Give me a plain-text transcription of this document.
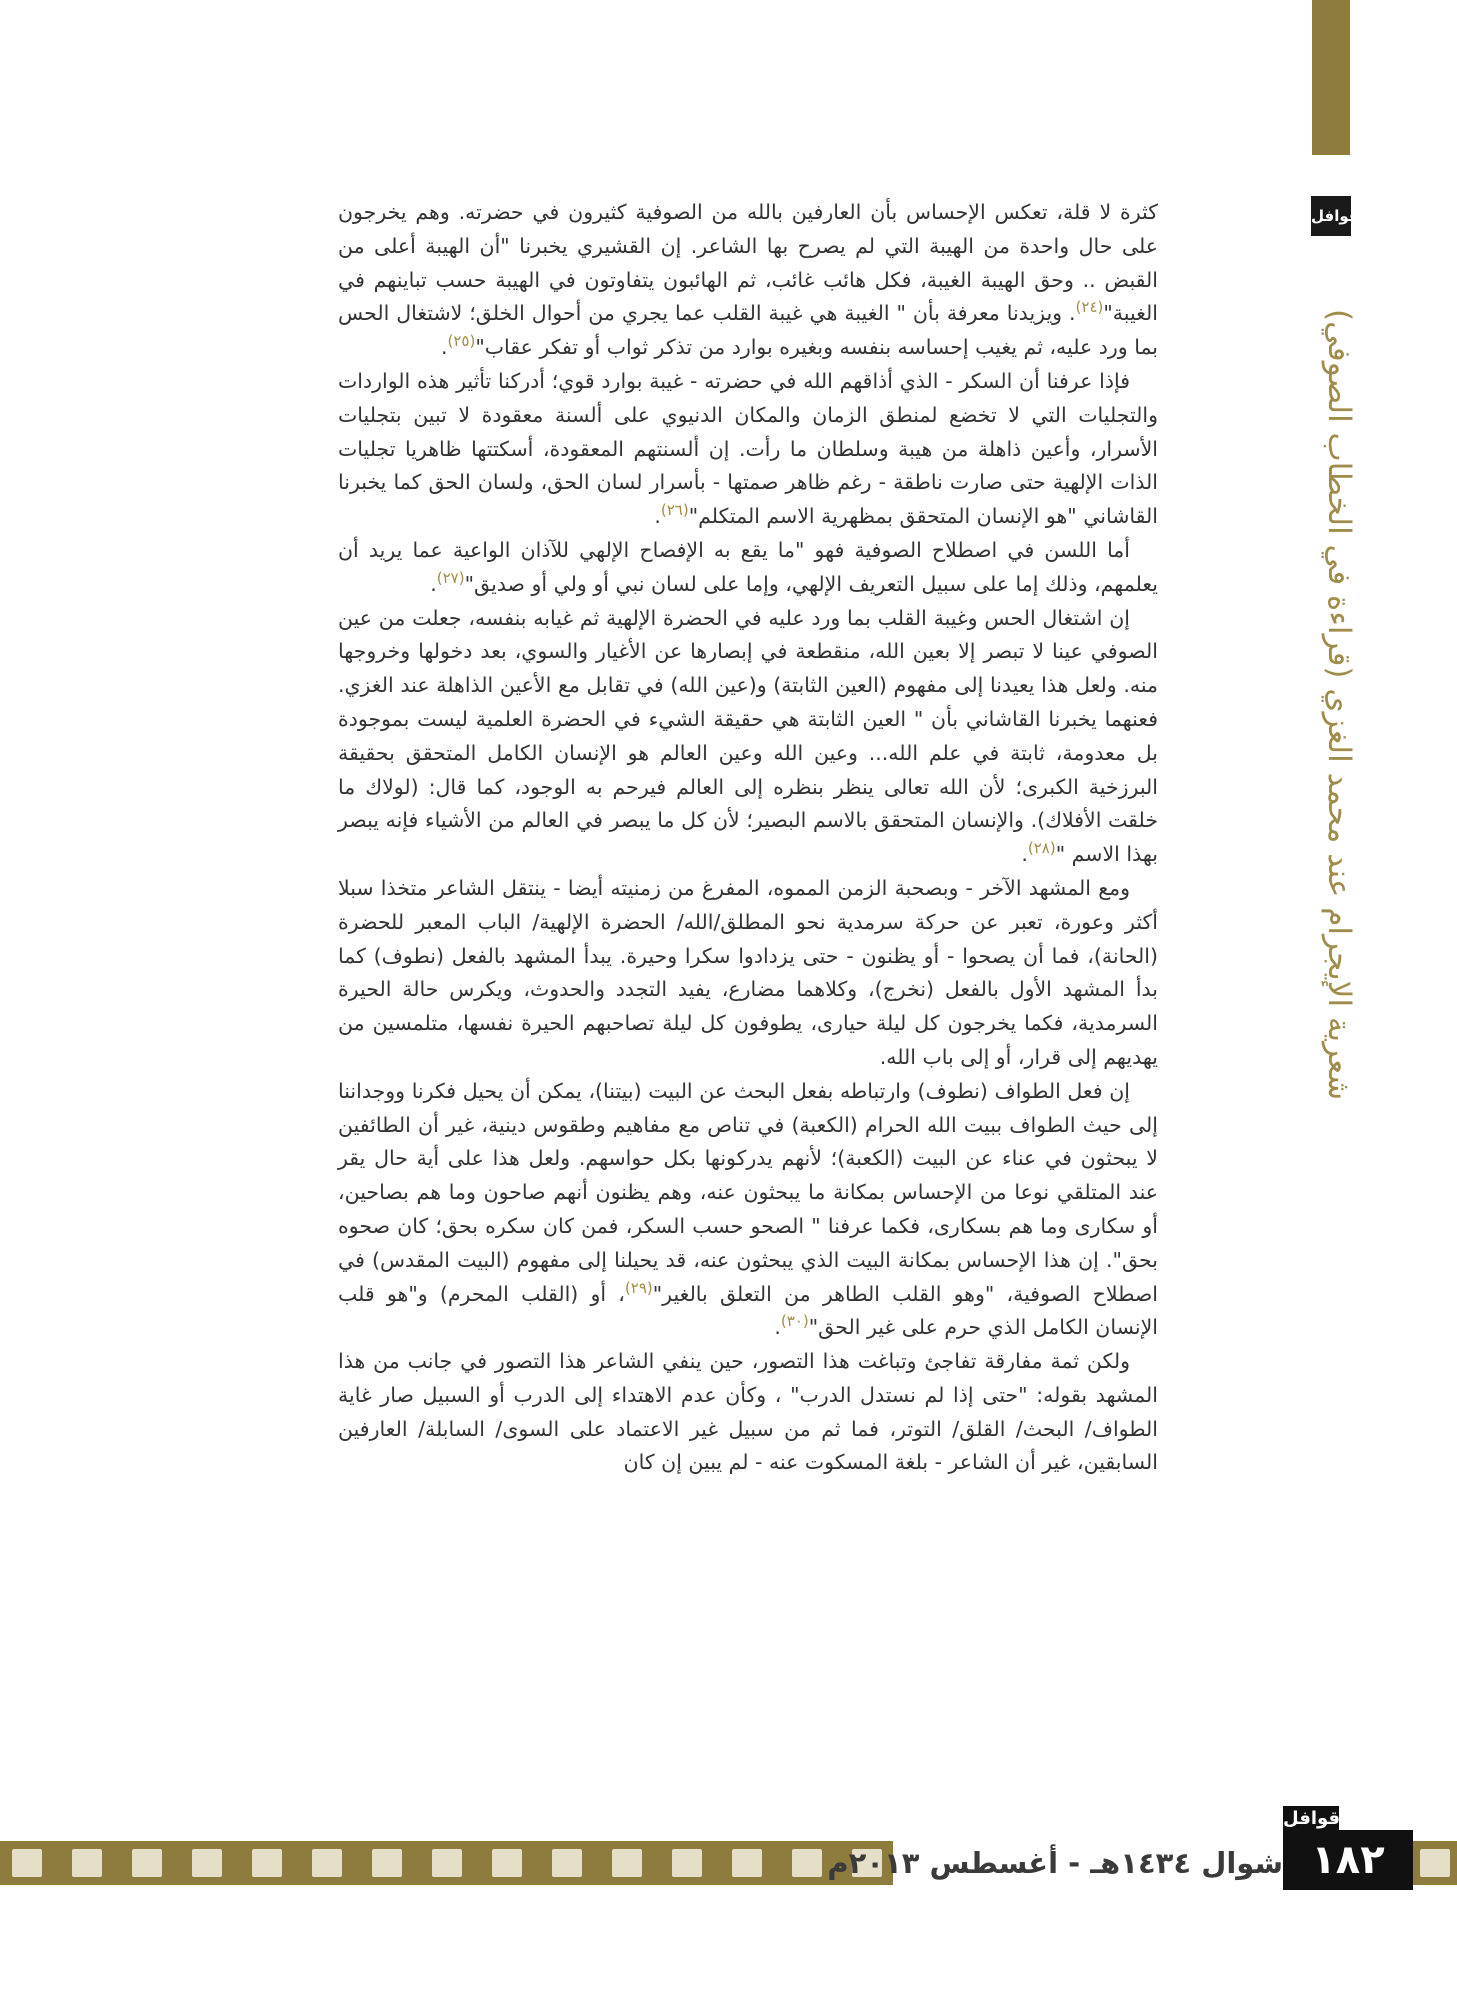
قوافل
شعرية الإيجرام عند محمد الغزي (قراءة في الخطاب الصوفي)

كثرة لا قلة، تعكس الإحساس بأن العارفين بالله من الصوفية كثيرون في حضرته. وهم يخرجون على حال واحدة من الهيبة التي لم يصرح بها الشاعر. إن القشيري يخبرنا "أن الهيبة أعلى من القبض .. وحق الهيبة الغيبة، فكل هائب غائب، ثم الهائبون يتفاوتون في الهيبة حسب تباينهم في الغيبة"$^{(٢٤)}$. ويزيدنا معرفة بأن " الغيبة هي غيبة القلب عما يجري من أحوال الخلق؛ لاشتغال الحس بما ورد عليه، ثم يغيب إحساسه بنفسه وبغيره بوارد من تذكر ثواب أو تفكر عقاب"$^{(٢٥)}$.

فإذا عرفنا أن السكر - الذي أذاقهم الله في حضرته - غيبة بوارد قوي؛ أدركنا تأثير هذه الواردات والتجليات التي لا تخضع لمنطق الزمان والمكان الدنيوي على ألسنة معقودة لا تبين بتجليات الأسرار، وأعين ذاهلة من هيبة وسلطان ما رأت. إن ألسنتهم المعقودة، أسكتتها ظاهريا تجليات الذات الإلهية حتى صارت ناطقة - رغم ظاهر صمتها - بأسرار لسان الحق، ولسان الحق كما يخبرنا القاشاني "هو الإنسان المتحقق بمظهرية الاسم المتكلم"$^{(٢٦)}$.

أما اللسن في اصطلاح الصوفية فهو "ما يقع به الإفصاح الإلهي للآذان الواعية عما يريد أن يعلمهم، وذلك إما على سبيل التعريف الإلهي، وإما على لسان نبي أو ولي أو صديق"$^{(٢٧)}$.

إن اشتغال الحس وغيبة القلب بما ورد عليه في الحضرة الإلهية ثم غيابه بنفسه، جعلت من عين الصوفي عينا لا تبصر إلا بعين الله، منقطعة في إبصارها عن الأغيار والسوي، بعد دخولها وخروجها منه. ولعل هذا يعيدنا إلى مفهوم (العين الثابتة) و(عين الله) في تقابل مع الأعين الذاهلة عند الغزي. فعنهما يخبرنا القاشاني بأن " العين الثابتة هي حقيقة الشيء في الحضرة العلمية ليست بموجودة بل معدومة، ثابتة في علم الله... وعين الله وعين العالم هو الإنسان الكامل المتحقق بحقيقة البرزخية الكبرى؛ لأن الله تعالى ينظر بنظره إلى العالم فيرحم به الوجود، كما قال: (لولاك ما خلقت الأفلاك). والإنسان المتحقق بالاسم البصير؛ لأن كل ما يبصر في العالم من الأشياء فإنه يبصر بهذا الاسم "$^{(٢٨)}$.

ومع المشهد الآخر - وبصحبة الزمن المموه، المفرغ من زمنيته أيضا - ينتقل الشاعر متخذا سبلا أكثر وعورة، تعبر عن حركة سرمدية نحو المطلق/الله/ الحضرة الإلهية/ الباب المعبر للحضرة (الحانة)، فما أن يصحوا - أو يظنون - حتى يزدادوا سكرا وحيرة. يبدأ المشهد بالفعل (نطوف) كما بدأ المشهد الأول بالفعل (نخرج)، وكلاهما مضارع، يفيد التجدد والحدوث، ويكرس حالة الحيرة السرمدية، فكما يخرجون كل ليلة حيارى، يطوفون كل ليلة تصاحبهم الحيرة نفسها، متلمسين من يهديهم إلى قرار، أو إلى باب الله.

إن فعل الطواف (نطوف) وارتباطه بفعل البحث عن البيت (بيتنا)، يمكن أن يحيل فكرنا ووجداننا إلى حيث الطواف ببيت الله الحرام (الكعبة) في تناص مع مفاهيم وطقوس دينية، غير أن الطائفين لا يبحثون في عناء عن البيت (الكعبة)؛ لأنهم يدركونها بكل حواسهم. ولعل هذا على أية حال يقر عند المتلقي نوعا من الإحساس بمكانة ما يبحثون عنه، وهم يظنون أنهم صاحون وما هم بصاحين، أو سكارى وما هم بسكارى، فكما عرفنا " الصحو حسب السكر، فمن كان سكره بحق؛ كان صحوه بحق". إن هذا الإحساس بمكانة البيت الذي يبحثون عنه، قد يحيلنا إلى مفهوم (البيت المقدس) في اصطلاح الصوفية، "وهو القلب الطاهر من التعلق بالغير"$^{(٢٩)}$، أو (القلب المحرم) و"هو قلب الإنسان الكامل الذي حرم على غير الحق"$^{(٣٠)}$.

ولكن ثمة مفارقة تفاجئ وتباغت هذا التصور، حين ينفي الشاعر هذا التصور في جانب من هذا المشهد بقوله: "حتى إذا لم نستدل الدرب" ، وكأن عدم الاهتداء إلى الدرب أو السبيل صار غاية الطواف/ البحث/ القلق/ التوتر، فما ثم من سبيل غير الاعتماد على السوى/ السابلة/ العارفين السابقين، غير أن الشاعر - بلغة المسكوت عنه - لم يبين إن كان

شوال ١٤٣٤هـ - أغسطس ٢٠١٣م
قوافل
١٨٢
